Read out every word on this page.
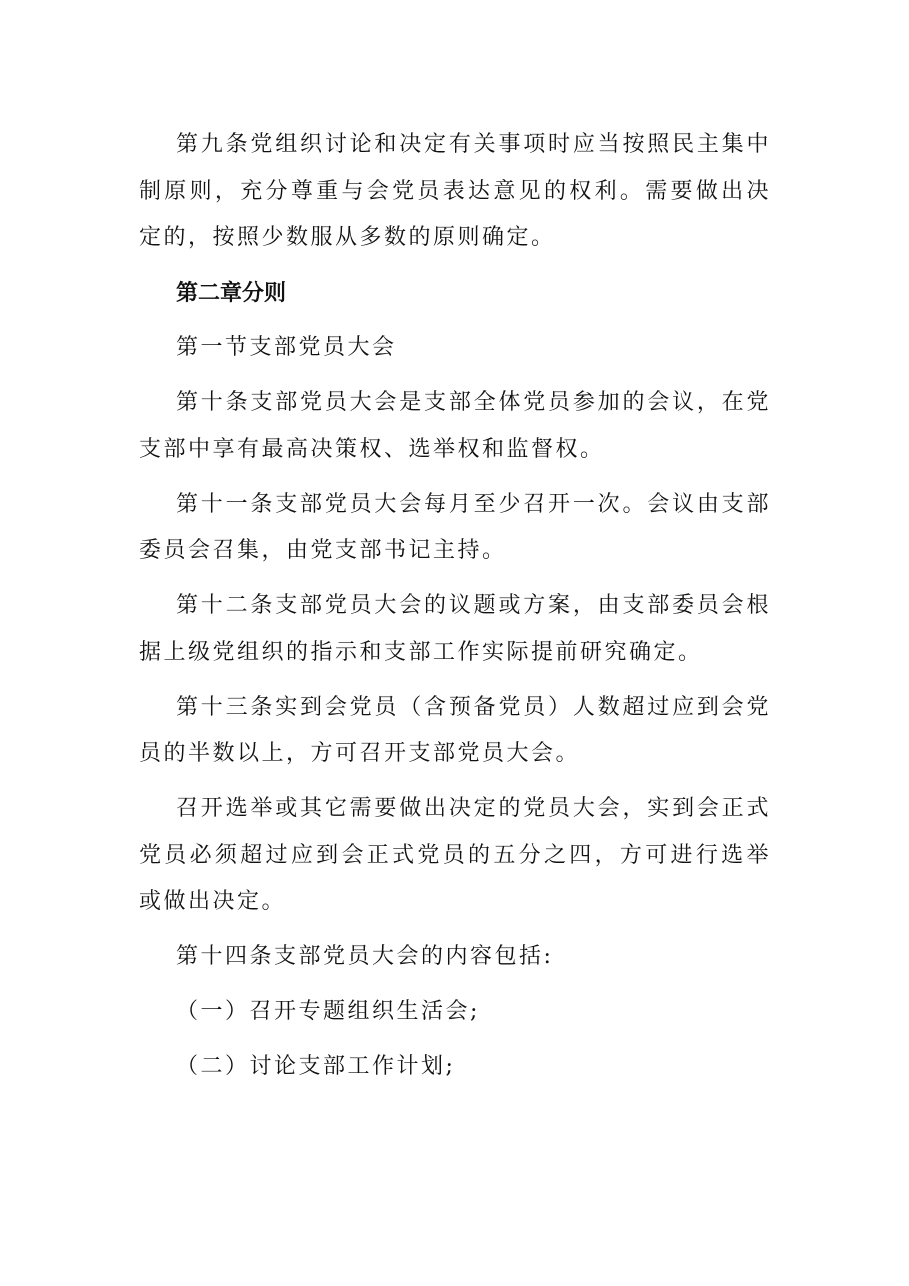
第九条党组织讨论和决定有关事项时应当按照民主集中制原则，充分尊重与会党员表达意见的权利。需要做出决定的，按照少数服从多数的原则确定。

第二章分则

第一节支部党员大会

第十条支部党员大会是支部全体党员参加的会议，在党支部中享有最高决策权、选举权和监督权。

第十一条支部党员大会每月至少召开一次。会议由支部委员会召集，由党支部书记主持。

第十二条支部党员大会的议题或方案，由支部委员会根据上级党组织的指示和支部工作实际提前研究确定。

第十三条实到会党员（含预备党员）人数超过应到会党员的半数以上，方可召开支部党员大会。

召开选举或其它需要做出决定的党员大会，实到会正式党员必须超过应到会正式党员的五分之四，方可进行选举或做出决定。

第十四条支部党员大会的内容包括:

（一）召开专题组织生活会;

（二）讨论支部工作计划;
